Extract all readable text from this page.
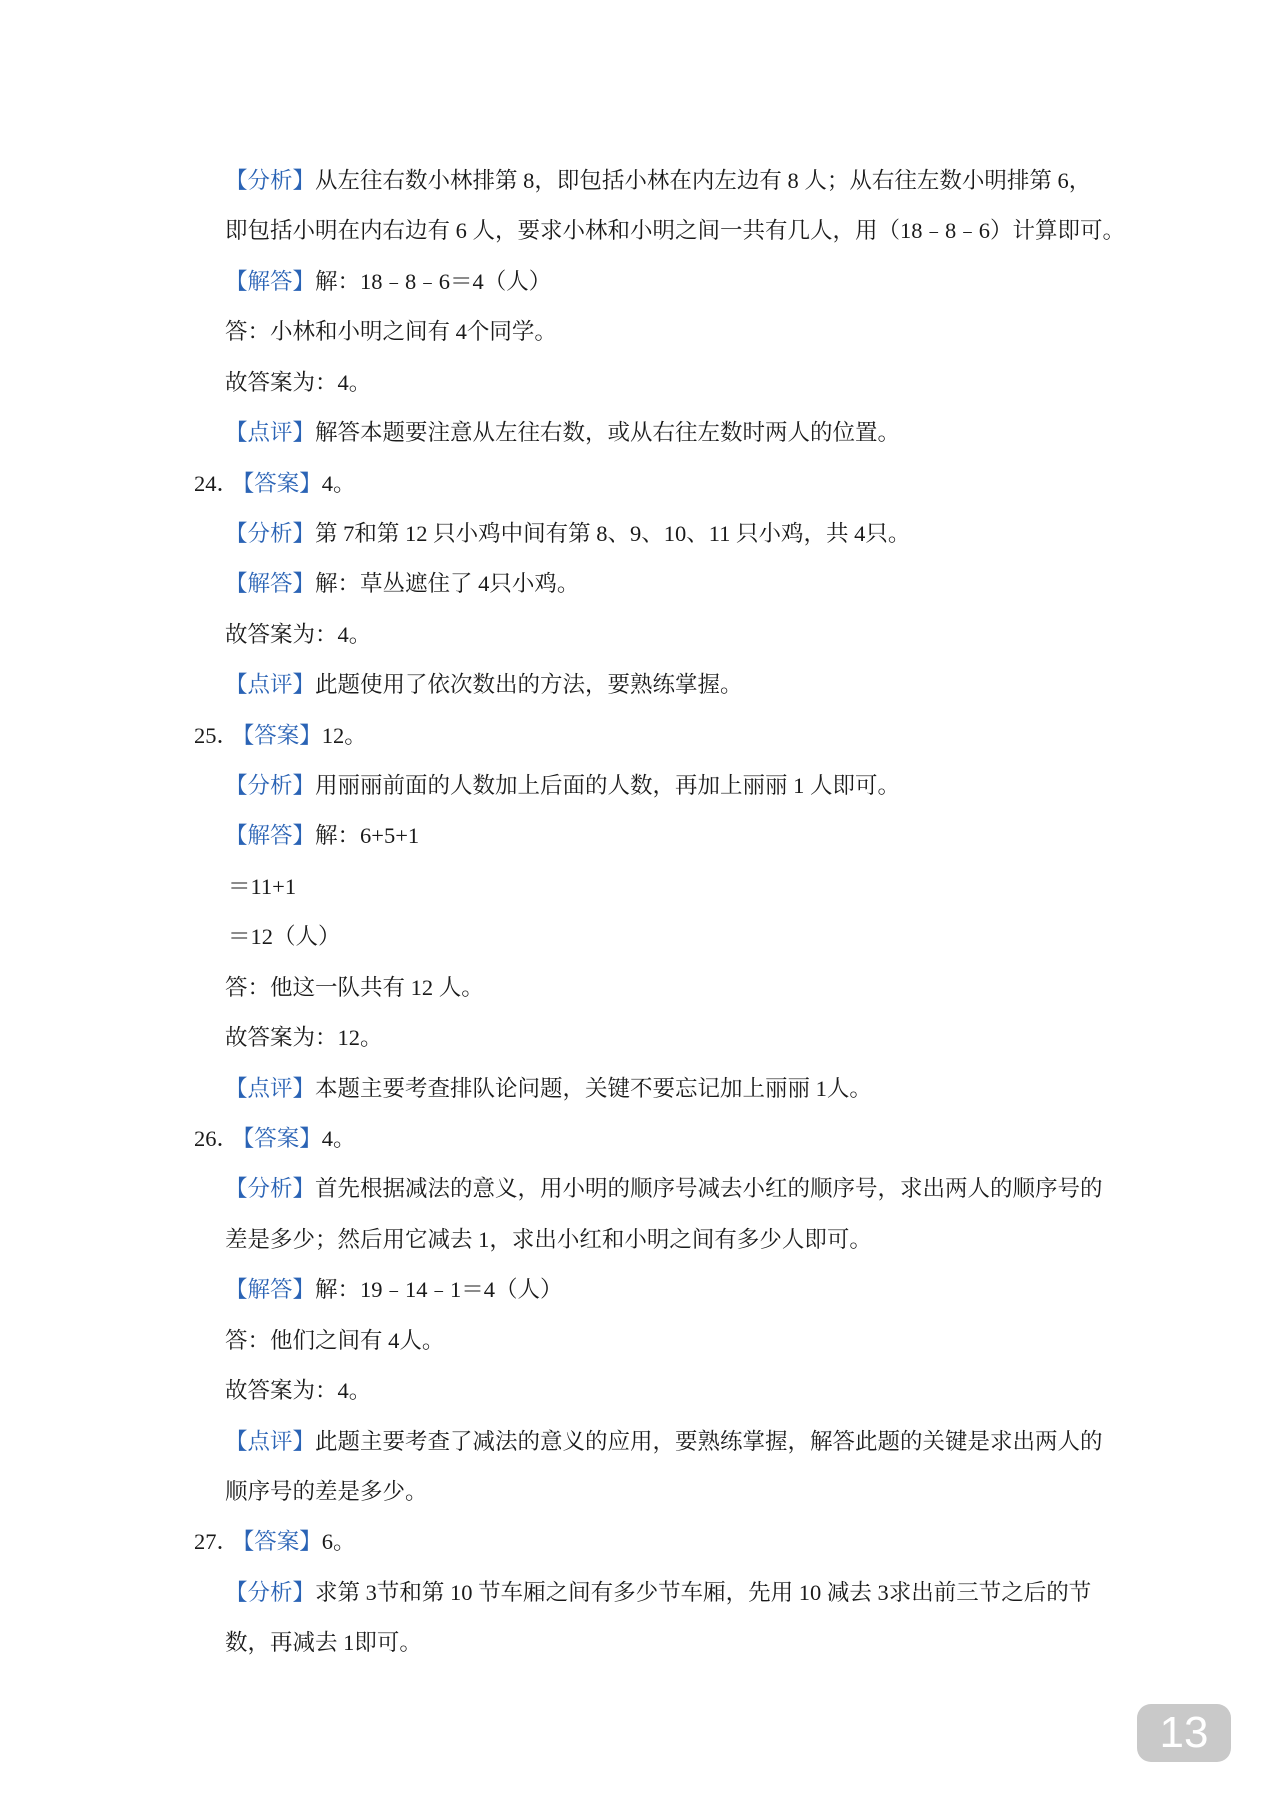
【分析】从左往右数小林排第 8，即包括小林在内左边有 8 人；从右往左数小明排第 6，
即包括小明在内右边有 6 人，要求小林和小明之间一共有几人，用（18﹣8﹣6）计算即可。
【解答】解：18﹣8﹣6＝4（人）
答：小林和小明之间有 4个同学。
故答案为：4。
【点评】解答本题要注意从左往右数，或从右往左数时两人的位置。
24． 【答案】4。
【分析】第 7和第 12 只小鸡中间有第 8、9、10、11 只小鸡，共 4只。
【解答】解：草丛遮住了 4只小鸡。
故答案为：4。
【点评】此题使用了依次数出的方法，要熟练掌握。
25． 【答案】12。
【分析】用丽丽前面的人数加上后面的人数，再加上丽丽 1 人即可。
【解答】解：6+5+1
＝11+1
＝12（人）
答：他这一队共有 12 人。
故答案为：12。
【点评】本题主要考查排队论问题，关键不要忘记加上丽丽 1人。
26． 【答案】4。
【分析】首先根据减法的意义，用小明的顺序号减去小红的顺序号，求出两人的顺序号的
差是多少；然后用它减去 1，求出小红和小明之间有多少人即可。
【解答】解：19﹣14﹣1＝4（人）
答：他们之间有 4人。
故答案为：4。
【点评】此题主要考查了减法的意义的应用，要熟练掌握，解答此题的关键是求出两人的
顺序号的差是多少。
27． 【答案】6。
【分析】求第 3节和第 10 节车厢之间有多少节车厢，先用 10 减去 3求出前三节之后的节
数，再减去 1即可。
13
